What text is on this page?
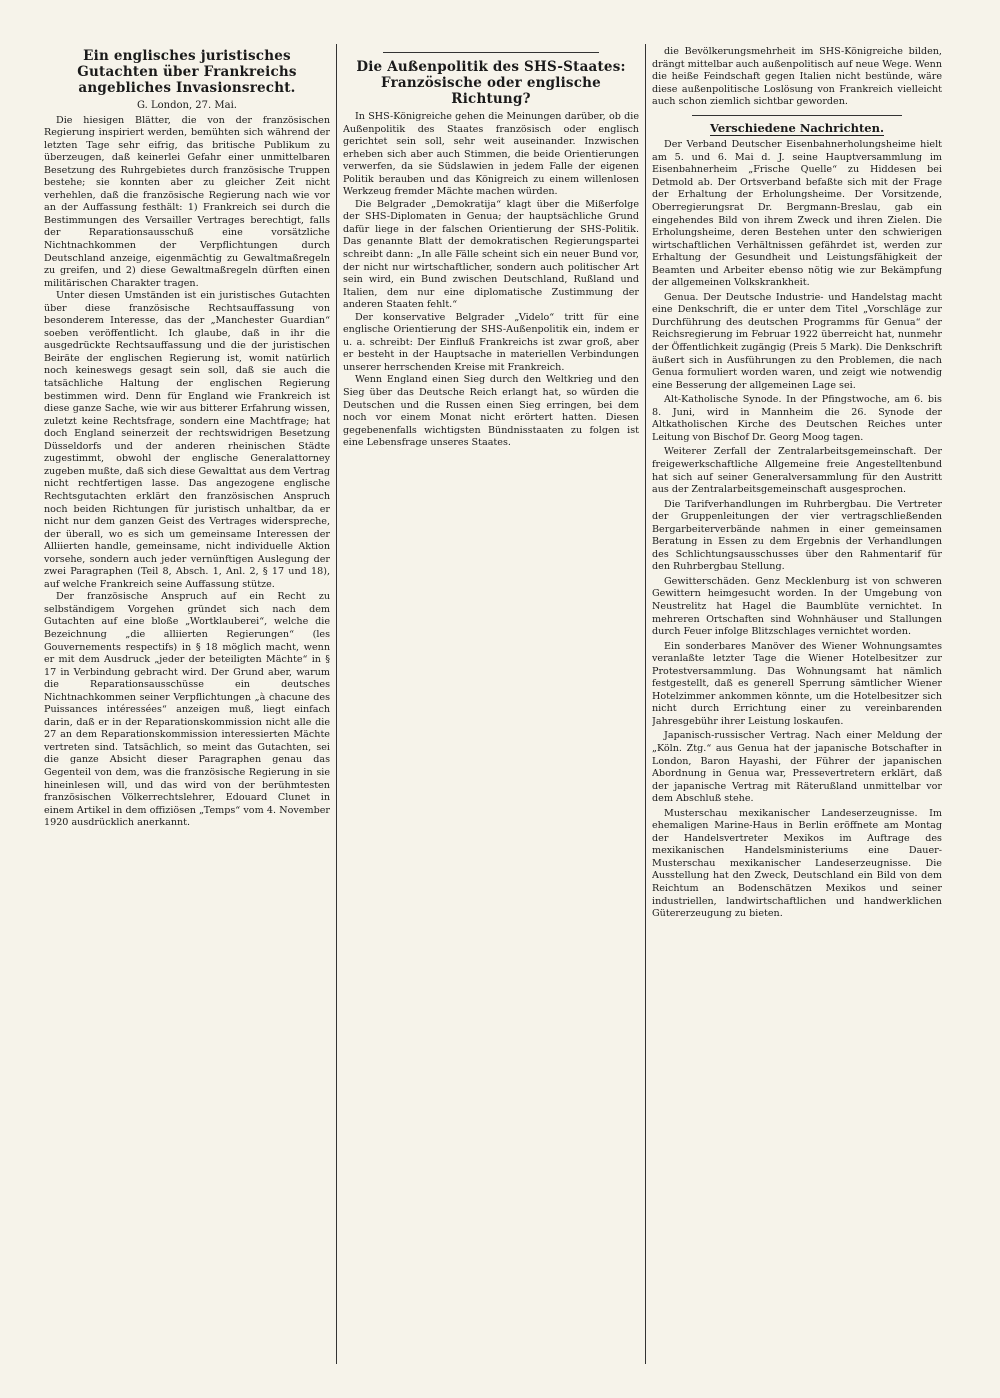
Ein englisches juristisches Gutachten über Frankreichs angebliches Invasionsrecht.
G. London, 27. Mai.

Die hiesigen Blätter, die von der französischen Regierung inspiriert werden, bemühten sich während der letzten Tage sehr eifrig, das britische Publikum zu überzeugen, daß keinerlei Gefahr einer unmittelbaren Besetzung des Ruhrgebietes durch französische Truppen bestehe; sie konnten aber zu gleicher Zeit nicht verhehlen, daß die französische Regierung nach wie vor an der Auffassung festhält: 1) Frankreich sei durch die Bestimmungen des Versailler Vertrages berechtigt, falls der Reparationsausschuß eine vorsätzliche Nichtnachkommen der Verpflichtungen durch Deutschland anzeige, eigenmächtig zu Gewaltmaßregeln zu greifen, und 2) diese Gewaltmaßregeln dürften einen militärischen Charakter tragen.

Unter diesen Umständen ist ein juristisches Gutachten über diese französische Rechtsauffassung von besonderem Interesse, das der „Manchester Guardian“ soeben veröffentlicht. Ich glaube, daß in ihr die ausgedrückte Rechtsauffassung und die der juristischen Beiräte der englischen Regierung ist, womit natürlich noch keineswegs gesagt sein soll, daß sie auch die tatsächliche Haltung der englischen Regierung bestimmen wird. Denn für England wie Frankreich ist diese ganze Sache, wie wir aus bitterer Erfahrung wissen, zuletzt keine Rechtsfrage, sondern eine Machtfrage; hat doch England seinerzeit der rechtswidrigen Besetzung Düsseldorfs und der anderen rheinischen Städte zugestimmt, obwohl der englische Generalattorney zugeben mußte, daß sich diese Gewalttat aus dem Vertrag nicht rechtfertigen lasse. Das angezogene englische Rechtsgutachten erklärt den französischen Anspruch noch beiden Richtungen für juristisch unhaltbar, da er nicht nur dem ganzen Geist des Vertrages widerspreche, der überall, wo es sich um gemeinsame Interessen der Alliierten handle, gemeinsame, nicht individuelle Aktion vorsehe, sondern auch jeder vernünftigen Auslegung der zwei Paragraphen (Teil 8, Absch. 1, Anl. 2, § 17 und 18), auf welche Frankreich seine Auffassung stütze.

Der französische Anspruch auf ein Recht zu selbständigem Vorgehen gründet sich nach dem Gutachten auf eine bloße „Wortklauberei“, welche die Bezeichnung „die alliierten Regierungen“ (les Gouvernements respectifs) in § 18 möglich macht, wenn er mit dem Ausdruck „jeder der beteiligten Mächte“ in § 17 in Verbindung gebracht wird. Der Grund aber, warum die Reparationsausschüsse ein deutsches Nichtnachkommen seiner Verpflichtungen „à chacune des Puissances intéressées“ anzeigen muß, liegt einfach darin, daß er in der Reparationskommission nicht alle die 27 an dem Reparationskommission interessierten Mächte vertreten sind. Tatsächlich, so meint das Gutachten, sei die ganze Absicht dieser Paragraphen genau das Gegenteil von dem, was die französische Regierung in sie hineinlesen will, und das wird von der berühmtesten französischen Völkerrechtslehrer, Edouard Clunet in einem Artikel in dem offiziösen „Temps“ vom 4. November 1920 ausdrücklich anerkannt.

Die Außenpolitik des SHS-Staates: Französische oder englische Richtung?

In SHS-Königreiche gehen die Meinungen darüber, ob die Außenpolitik des Staates französisch oder englisch gerichtet sein soll, sehr weit auseinander. Inzwischen erheben sich aber auch Stimmen, die beide Orientierungen verwerfen, da sie Südslawien in jedem Falle der eigenen Politik berauben und das Königreich zu einem willenlosen Werkzeug fremder Mächte machen würden.

Die Belgrader „Demokratija“ klagt über die Mißerfolge der SHS-Diplomaten in Genua; der hauptsächliche Grund dafür liege in der falschen Orientierung der SHS-Politik. Das genannte Blatt der demokratischen Regierungspartei schreibt dann: „In alle Fälle scheint sich ein neuer Bund vor, der nicht nur wirtschaftlicher, sondern auch politischer Art sein wird, ein Bund zwischen Deutschland, Rußland und Italien, dem nur eine diplomatische Zustimmung der anderen Staaten fehlt.“

Der konservative Belgrader „Videlo“ tritt für eine englische Orientierung der SHS-Außenpolitik ein, indem er u. a. schreibt: Der Einfluß Frankreichs ist zwar groß, aber er besteht in der Hauptsache in materiellen Verbindungen unserer herrschenden Kreise mit Frankreich.

Wenn England einen Sieg durch den Weltkrieg und den Sieg über das Deutsche Reich erlangt hat, so würden die Deutschen und die Russen einen Sieg erringen, bei dem noch vor einem Monat nicht erörtert hatten. Diesen gegebenenfalls wichtigsten Bündnisstaaten zu folgen ist eine Lebensfrage unseres Staates.

die Bevölkerungsmehrheit im SHS-Königreiche bilden, drängt mittelbar auch außenpolitisch auf neue Wege. Wenn die heiße Feindschaft gegen Italien nicht bestünde, wäre diese außenpolitische Loslösung von Frankreich vielleicht auch schon ziemlich sichtbar geworden.

Verschiedene Nachrichten.

Der Verband Deutscher Eisenbahnerholungsheime hielt am 5. und 6. Mai d. J. seine Hauptversammlung im Eisenbahnerheim „Frische Quelle“ zu Hiddesen bei Detmold ab. Der Ortsverband befaßte sich mit der Frage der Erhaltung der Erholungsheime. Der Vorsitzende, Oberregierungsrat Dr. Bergmann-Breslau, gab ein eingehendes Bild von ihrem Zweck und ihren Zielen. Die Erholungsheime, deren Bestehen unter den schwierigen wirtschaftlichen Verhältnissen gefährdet ist, werden zur Erhaltung der Gesundheit und Leistungsfähigkeit der Beamten und Arbeiter ebenso nötig wie zur Bekämpfung der allgemeinen Volkskrankheit.

Genua. Der Deutsche Industrie- und Handelstag macht eine Denkschrift, die er unter dem Titel „Vorschläge zur Durchführung des deutschen Programms für Genua“ der Reichsregierung im Februar 1922 überreicht hat, nunmehr der Öffentlichkeit zugängig (Preis 5 Mark). Die Denkschrift äußert sich in Ausführungen zu den Problemen, die nach Genua formuliert worden waren, und zeigt wie notwendig eine Besserung der allgemeinen Lage sei.

Alt-Katholische Synode. In der Pfingstwoche, am 6. bis 8. Juni, wird in Mannheim die 26. Synode der Altkatholischen Kirche des Deutschen Reiches unter Leitung von Bischof Dr. Georg Moog tagen.

Weiterer Zerfall der Zentralarbeitsgemeinschaft. Der freigewerkschaftliche Allgemeine freie Angestelltenbund hat sich auf seiner Generalversammlung für den Austritt aus der Zentralarbeitsgemeinschaft ausgesprochen.

Die Tarifverhandlungen im Ruhrbergbau. Die Vertreter der Gruppenleitungen der vier vertragschließenden Bergarbeiterverbände nahmen in einer gemeinsamen Beratung in Essen zu dem Ergebnis der Verhandlungen des Schlichtungsausschusses über den Rahmentarif für den Ruhrbergbau Stellung.

Gewitterschäden. Genz Mecklenburg ist von schweren Gewittern heimgesucht worden. In der Umgebung von Neustrelitz hat Hagel die Baumblüte vernichtet. In mehreren Ortschaften sind Wohnhäuser und Stallungen durch Feuer infolge Blitzschlages vernichtet worden.

Ein sonderbares Manöver des Wiener Wohnungsamtes veranlaßte letzter Tage die Wiener Hotelbesitzer zur Protestversammlung. Das Wohnungsamt hat nämlich festgestellt, daß es generell Sperrung sämtlicher Wiener Hotelzimmer ankommen könnte, um die Hotelbesitzer sich nicht durch Errichtung einer zu vereinbarenden Jahresgebühr ihrer Leistung loskaufen.

Japanisch-russischer Vertrag. Nach einer Meldung der „Köln. Ztg.“ aus Genua hat der japanische Botschafter in London, Baron Hayashi, der Führer der japanischen Abordnung in Genua war, Pressevertretern erklärt, daß der japanische Vertrag mit Räterußland unmittelbar vor dem Abschluß stehe.

Musterschau mexikanischer Landeserzeugnisse. Im ehemaligen Marine-Haus in Berlin eröffnete am Montag der Handelsvertreter Mexikos im Auftrage des mexikanischen Handelsministeriums eine Dauer-Musterschau mexikanischer Landeserzeugnisse. Die Ausstellung hat den Zweck, Deutschland ein Bild von dem Reichtum an Bodenschätzen Mexikos und seiner industriellen, landwirtschaftlichen und handwerklichen Gütererzeugung zu bieten.
